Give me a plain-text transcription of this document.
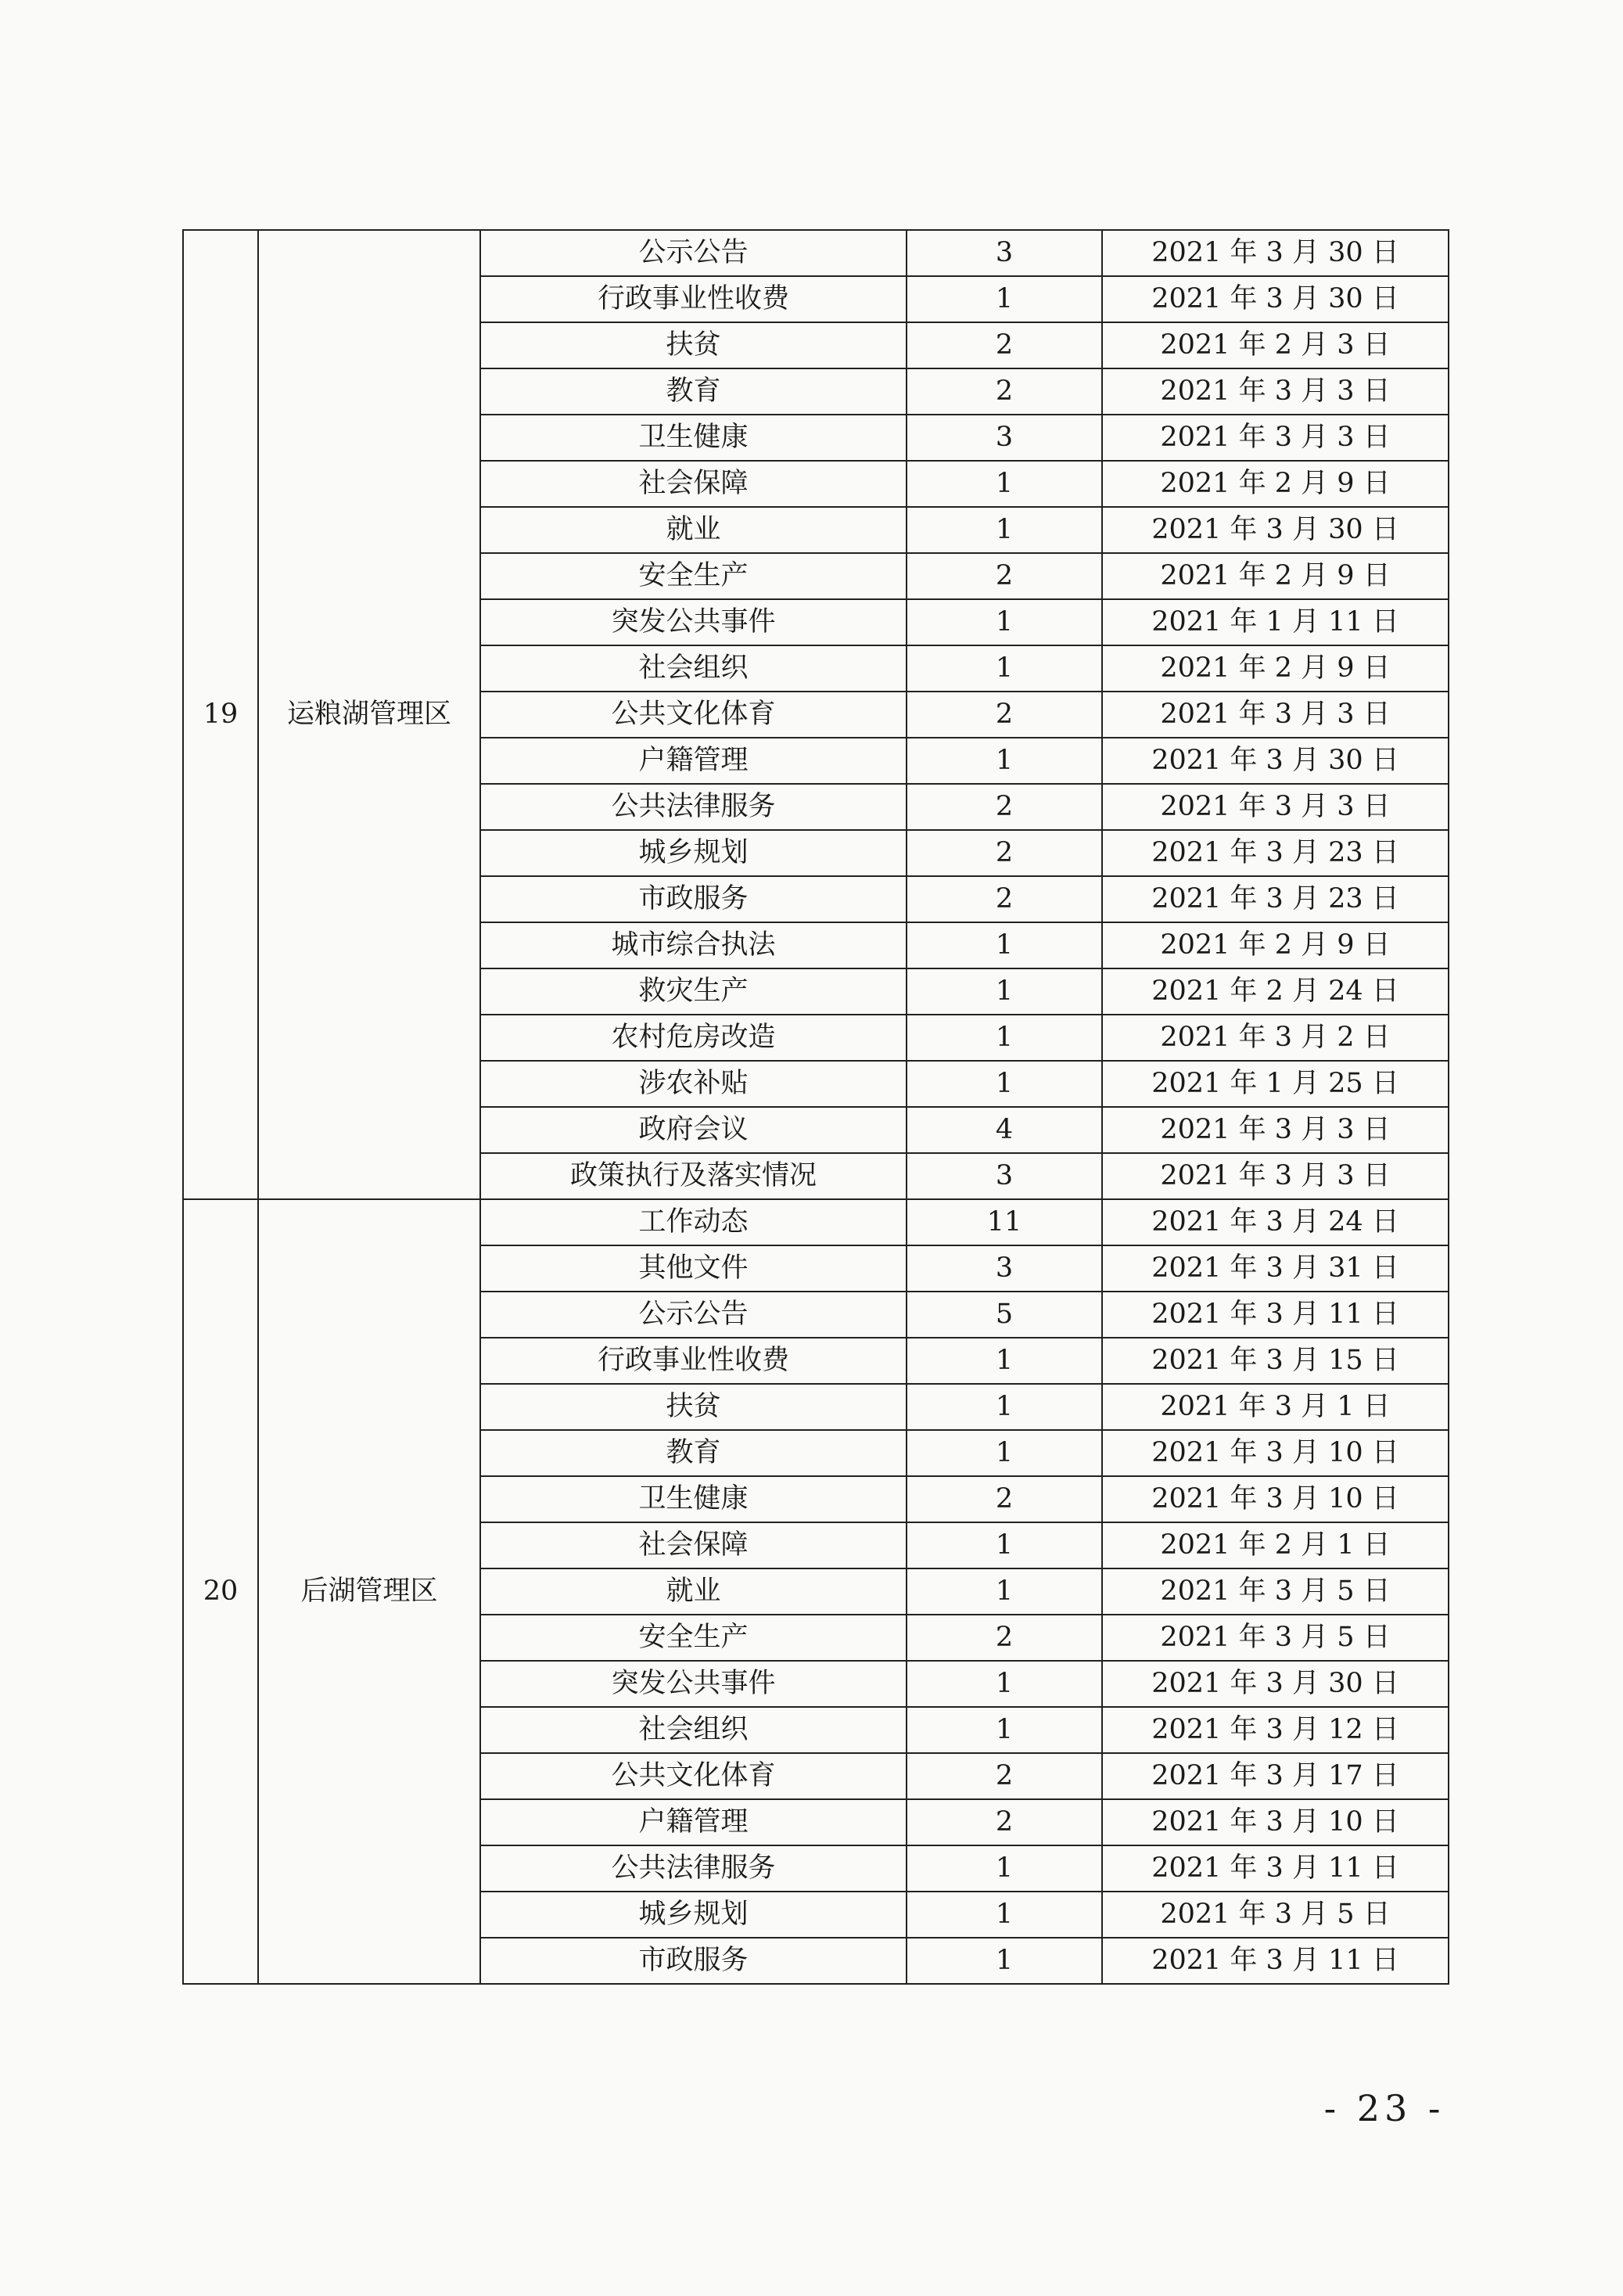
19	运粮湖管理区	公示公告	3	2021 年 3 月 30 日
		行政事业性收费	1	2021 年 3 月 30 日
		扶贫	2	2021 年 2 月 3 日
		教育	2	2021 年 3 月 3 日
		卫生健康	3	2021 年 3 月 3 日
		社会保障	1	2021 年 2 月 9 日
		就业	1	2021 年 3 月 30 日
		安全生产	2	2021 年 2 月 9 日
		突发公共事件	1	2021 年 1 月 11 日
		社会组织	1	2021 年 2 月 9 日
		公共文化体育	2	2021 年 3 月 3 日
		户籍管理	1	2021 年 3 月 30 日
		公共法律服务	2	2021 年 3 月 3 日
		城乡规划	2	2021 年 3 月 23 日
		市政服务	2	2021 年 3 月 23 日
		城市综合执法	1	2021 年 2 月 9 日
		救灾生产	1	2021 年 2 月 24 日
		农村危房改造	1	2021 年 3 月 2 日
		涉农补贴	1	2021 年 1 月 25 日
		政府会议	4	2021 年 3 月 3 日
		政策执行及落实情况	3	2021 年 3 月 3 日
20	后湖管理区	工作动态	11	2021 年 3 月 24 日
		其他文件	3	2021 年 3 月 31 日
		公示公告	5	2021 年 3 月 11 日
		行政事业性收费	1	2021 年 3 月 15 日
		扶贫	1	2021 年 3 月 1 日
		教育	1	2021 年 3 月 10 日
		卫生健康	2	2021 年 3 月 10 日
		社会保障	1	2021 年 2 月 1 日
		就业	1	2021 年 3 月 5 日
		安全生产	2	2021 年 3 月 5 日
		突发公共事件	1	2021 年 3 月 30 日
		社会组织	1	2021 年 3 月 12 日
		公共文化体育	2	2021 年 3 月 17 日
		户籍管理	2	2021 年 3 月 10 日
		公共法律服务	1	2021 年 3 月 11 日
		城乡规划	1	2021 年 3 月 5 日
		市政服务	1	2021 年 3 月 11 日
- 23 -
